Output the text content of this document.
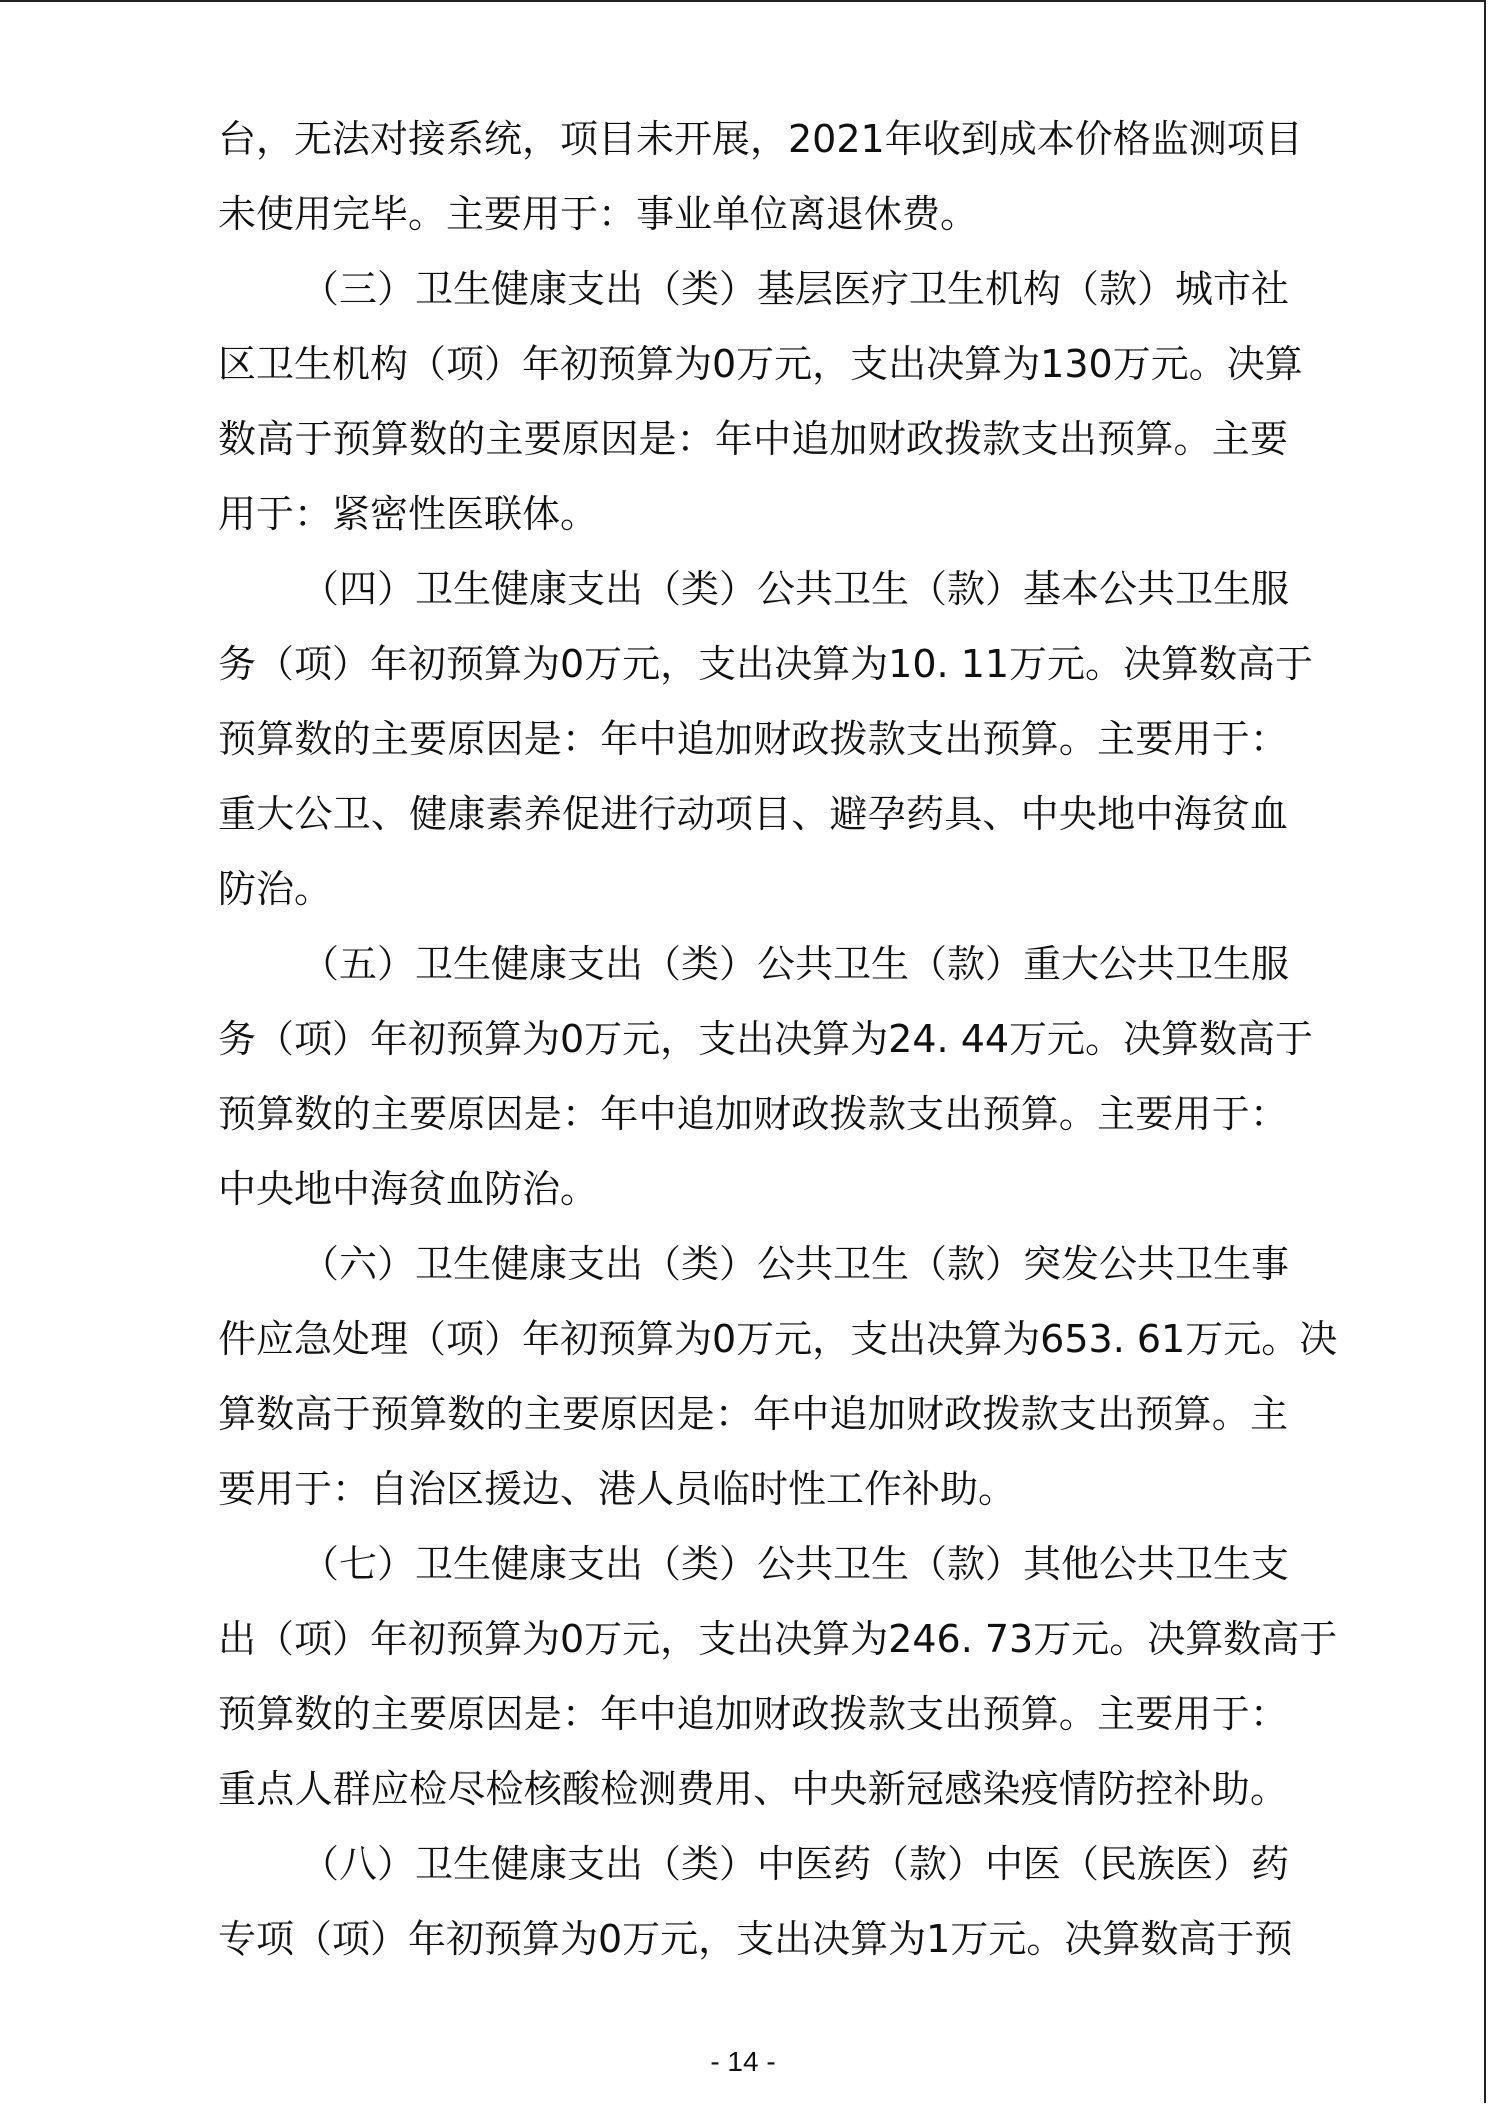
台，无法对接系统，项目未开展，2021年收到成本价格监测项目
未使用完毕。主要用于：事业单位离退休费。
（三）卫生健康支出（类）基层医疗卫生机构（款）城市社
区卫生机构（项）年初预算为0万元，支出决算为130万元。决算
数高于预算数的主要原因是：年中追加财政拨款支出预算。主要
用于：紧密性医联体。
（四）卫生健康支出（类）公共卫生（款）基本公共卫生服
务（项）年初预算为0万元，支出决算为10. 11万元。决算数高于
预算数的主要原因是：年中追加财政拨款支出预算。主要用于：
重大公卫、健康素养促进行动项目、避孕药具、中央地中海贫血
防治。
（五）卫生健康支出（类）公共卫生（款）重大公共卫生服
务（项）年初预算为0万元，支出决算为24. 44万元。决算数高于
预算数的主要原因是：年中追加财政拨款支出预算。主要用于：
中央地中海贫血防治。
（六）卫生健康支出（类）公共卫生（款）突发公共卫生事
件应急处理（项）年初预算为0万元，支出决算为653. 61万元。决
算数高于预算数的主要原因是：年中追加财政拨款支出预算。主
要用于：自治区援边、港人员临时性工作补助。
（七）卫生健康支出（类）公共卫生（款）其他公共卫生支
出（项）年初预算为0万元，支出决算为246. 73万元。决算数高于
预算数的主要原因是：年中追加财政拨款支出预算。主要用于：
重点人群应检尽检核酸检测费用、中央新冠感染疫情防控补助。
（八）卫生健康支出（类）中医药（款）中医（民族医）药
专项（项）年初预算为0万元，支出决算为1万元。决算数高于预
- 14 -
